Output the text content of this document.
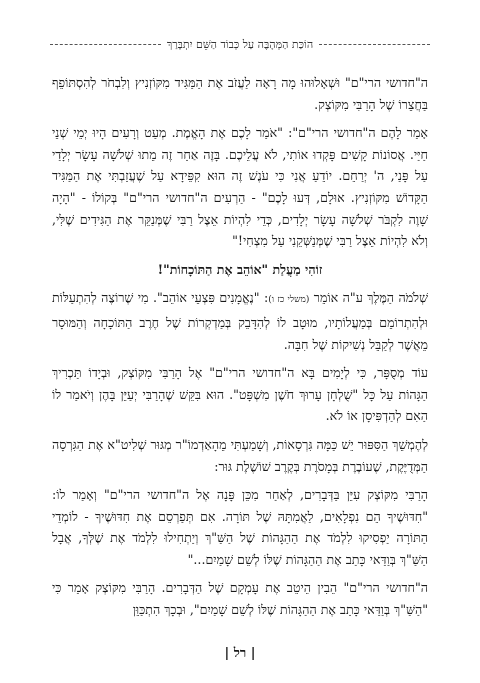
הוֹכַּת הַמְּהָבֶּה עַל כְּבוֹד הַשֵּׁם יִתְבָּרַךְ

ה"חדושי הרי"ם" וּשְׁאָלוּהוּ מָה רָאָה לַעֲזֹב אֶת הַמַּגִּיד מִקּוֹזְנִיץ וְלִבְחֹר לְהִסְתּוֹפֵף בַּחֲצֵרוֹ שֶׁל הָרַבִּי מִקּוֹצְק.

אָמַר לָהֶם ה"חדושי הרי"ם": "אֹמַר לָכֶם אֶת הָאֱמֶת. מְעַט וְרָעִים הָיוּ יְמֵי שְׁנֵי חַיַּי. אֲסוֹנוֹת קָשִׁים פָּקְדוּ אוֹתִי, לֹא עֲלֵיכֶם. בָּזֶה אַחַר זֶה מֵתוּ שְׁלֹשָׁה עָשָׂר יְלָדַי עַל פָּנַי, ה' יְרַחֵם. יוֹדֵעַ אֲנִי כִּי עֹנֶשׁ זֶה הוּא קִפֵּידָא עַל שֶׁעֲזַבְתִּי אֶת הַמַּגִּיד הַקָּדוֹשׁ מִקּוֹזְנִיץ. אוּלָם, דְּעוּ לָכֶם" - הַרְעִים ה"חדושי הרי"ם" בְּקוֹלוֹ - "הָיָה שָׁוֶה לִקְבֹּר שְׁלֹשָׁה עָשָׂר יְלָדִים, כְּדֵי לִהְיוֹת אֵצֶל רַבִּי שֶׁמְּנַקֵּר אֶת הַגִּידִים שֶׁלִּי, וְלֹא לִהְיוֹת אֵצֶל רַבִּי שֶׁמְּנַשְּׁקֵנִי עַל מִצְחִי!"

זוֹהִי מַעֲלַת "אוֹהֵב אֶת הַתּוֹכָחוֹת"!

שְׁלֹמֹה הַמֶּלֶךְ ע"ה אוֹמֵר (משלי כז ו): "נֶאֱמָנִים פִּצְעֵי אוֹהֵב". מִי שֶׁרוֹצֶה לְהִתְעַלּוֹת וּלְהִתְרוֹמֵם בְּמַעֲלוֹתָיו, מוּטָב לוֹ לְהִדָּבֵק בְּמַדְקְרוֹת שֶׁל חֶרֶב הַתּוֹכָחָה וְהַמּוּסָר מֵאֲשֶׁר לְקַבֵּל נְשִׁיקוֹת שֶׁל חִבָּה.

עוֹד מְסֻפָּר, כִּי לְיָמִים בָּא ה"חדושי הרי"ם" אֶל הָרַבִּי מִקּוֹצְק, וּבְיָדוֹ תַּכְרִיךְ הַגָּהוֹת עַל כָּל "שֻׁלְחָן עָרוּךְ חֹשֶׁן מִשְׁפָּט". הוּא בִּקֵּשׁ שֶׁהָרַבִּי יְעַיֵּן בָּהֶן וְיֹאמַר לוֹ הַאִם לְהַדְפִּיסָן אוֹ לֹא.

לְהֶמְשֵׁךְ הַסִּפּוּר יֵשׁ כַּמָּה גִּרְסָאוֹת, וְשָׁמַעְתִּי מֵהָאַדְמוֹ"ר מְגּוּר שְׁלִיט"א אֶת הַגִּרְסָה הַמְּדֻיֶּקֶת, שֶׁעוֹבֶרֶת בְּמָסֹרֶת בְּקֶרֶב שׁוֹשֶׁלֶת גּוּר:

הָרַבִּי מִקּוֹצְק עִיֵּן בַּדְּבָרִים, לְאַחַר מִכֵּן פָּנָה אֶל ה"חדושי הרי"ם" וְאָמַר לוֹ: "חִדּוּשֶׁיךָ הֵם נִפְלָאִים, לַאֲמִתָּהּ שֶׁל תּוֹרָה. אִם תְּפַרְסֵם אֶת חִדּוּשֶׁיךָ - לוֹמְדֵי הַתּוֹרָה יַפְסִיקוּ לִלְמֹד אֶת הַהַגָּהוֹת שֶׁל הַשַּׁ"ךְ וְיַתְחִילוּ לִלְמֹד אֶת שֶׁלְּךָ, אֲבָל הַשַּׁ"ךְ בְּוַדַּאי כָּתַב אֶת הַהַגָּהוֹת שֶׁלּוֹ לְשֵׁם שָׁמַיִם..."

ה"חדושי הרי"ם" הֵבִין הֵיטֵב אֶת עָמְקָם שֶׁל הַדְּבָרִים. הָרַבִּי מִקּוֹצְק אָמַר כִּי "הַשַּׁ"ךְ בְּוַדַּאי כָּתַב אֶת הַהַגָּהוֹת שֶׁלּוֹ לְשֵׁם שָׁמַיִם", וּבְכָךְ הִתְכַּוֵּן

| רל |
